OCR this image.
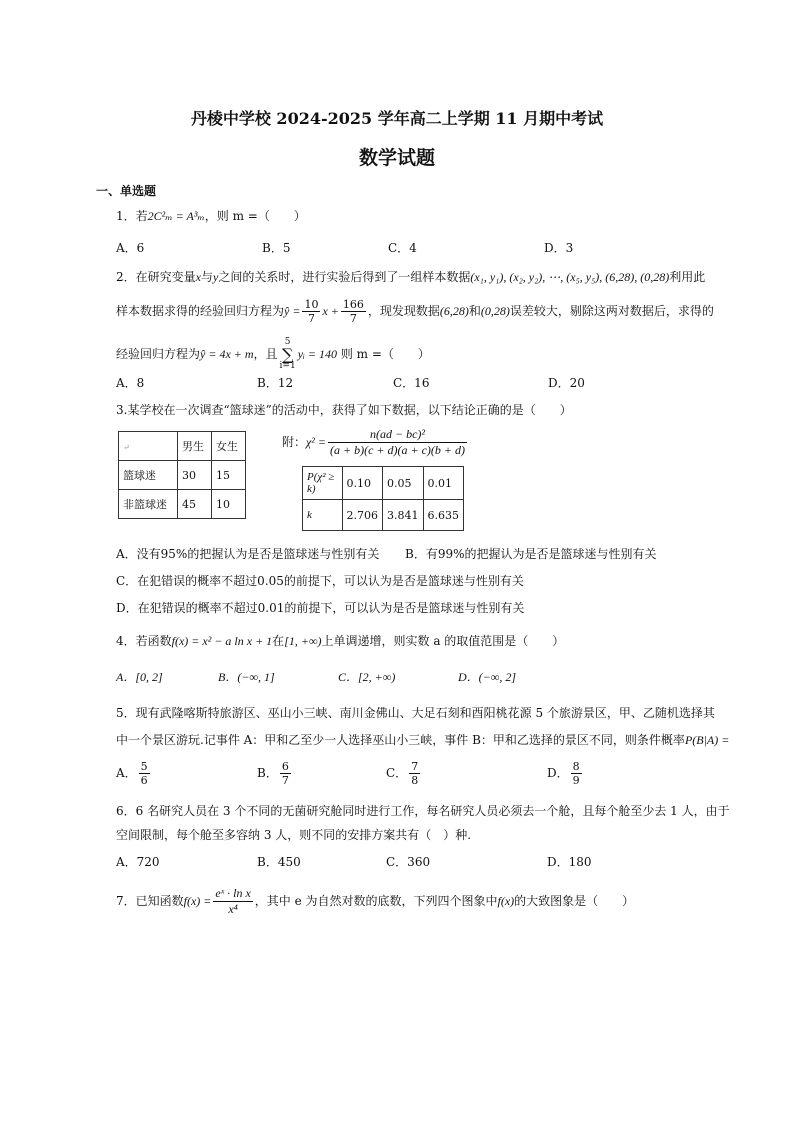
丹棱中学校 2024-2025 学年高二上学期 11 月期中考试
数学试题
一、单选题
1．若2C²ₘ = A³ₘ，则 m =（　　）
A．6	B．5	C．4	D．3
2．在研究变量x与y之间的关系时，进行实验后得到了一组样本数据(x₁, y₁), (x₂, y₂), ⋯, (x₅, y₅), (6,28), (0,28)利用此
样本数据求得的经验回归方程为ŷ = $\frac{10}{7}$ $x + \frac{166}{7}$ ，现发现数据(6,28)和(0,28)误差较大，剔除这两对数据后，求得的
经验回归方程为ŷ = 4x + m，且
5
∑
i=1
yᵢ = 140 则 m =（　　）
A．8	B．12	C．16	D．20
3.某学校在一次调查“篮球迷”的活动中，获得了如下数据，以下结论正确的是（　　）
↵	男生	女生
篮球迷	30	15
非篮球迷	45	10
附：$\chi^2 = \frac{\text{n(ad − bc)²}}{(a + b)(c + d)(a + c)(b + d)}$
P(χ² ≥ k)	0.10	0.05	0.01
k	2.706	3.841	6.635
A．没有95%的把握认为是否是篮球迷与性别有关 B．有99%的把握认为是否是篮球迷与性别有关
C．在犯错误的概率不超过0.05的前提下，可以认为是否是篮球迷与性别有关
D．在犯错误的概率不超过0.01的前提下，可以认为是否是篮球迷与性别有关
4．若函数f(x) = x² − a ln x + 1在[1, +∞)上单调递增，则实数 a 的取值范围是（　　）
A．[0, 2]	B．(−∞, 1]	C．[2, +∞)	D．(−∞, 2]
5．现有武隆喀斯特旅游区、巫山小三峡、南川金佛山、大足石刻和酉阳桃花源 5 个旅游景区，甲、乙随机选择其
中一个景区游玩.记事件 A：甲和乙至少一人选择巫山小三峡，事件 B：甲和乙选择的景区不同，则条件概率P(B|A) =
A． $\frac{5}{6}$	B． $\frac{6}{7}$	C． $\frac{7}{8}$	D． $\frac{8}{9}$
6．6 名研究人员在 3 个不同的无菌研究舱同时进行工作，每名研究人员必须去一个舱，且每个舱至少去 1 人，由于
空间限制，每个舱至多容纳 3 人，则不同的安排方案共有（　）种.
A．720	B．450	C．360	D．180
7．已知函数$f(x) = \frac{\text{eˣ · ln x}}{\text{x⁴}}$ ，其中 e 为自然对数的底数，下列四个图象中f(x)的大致图象是（　　）
